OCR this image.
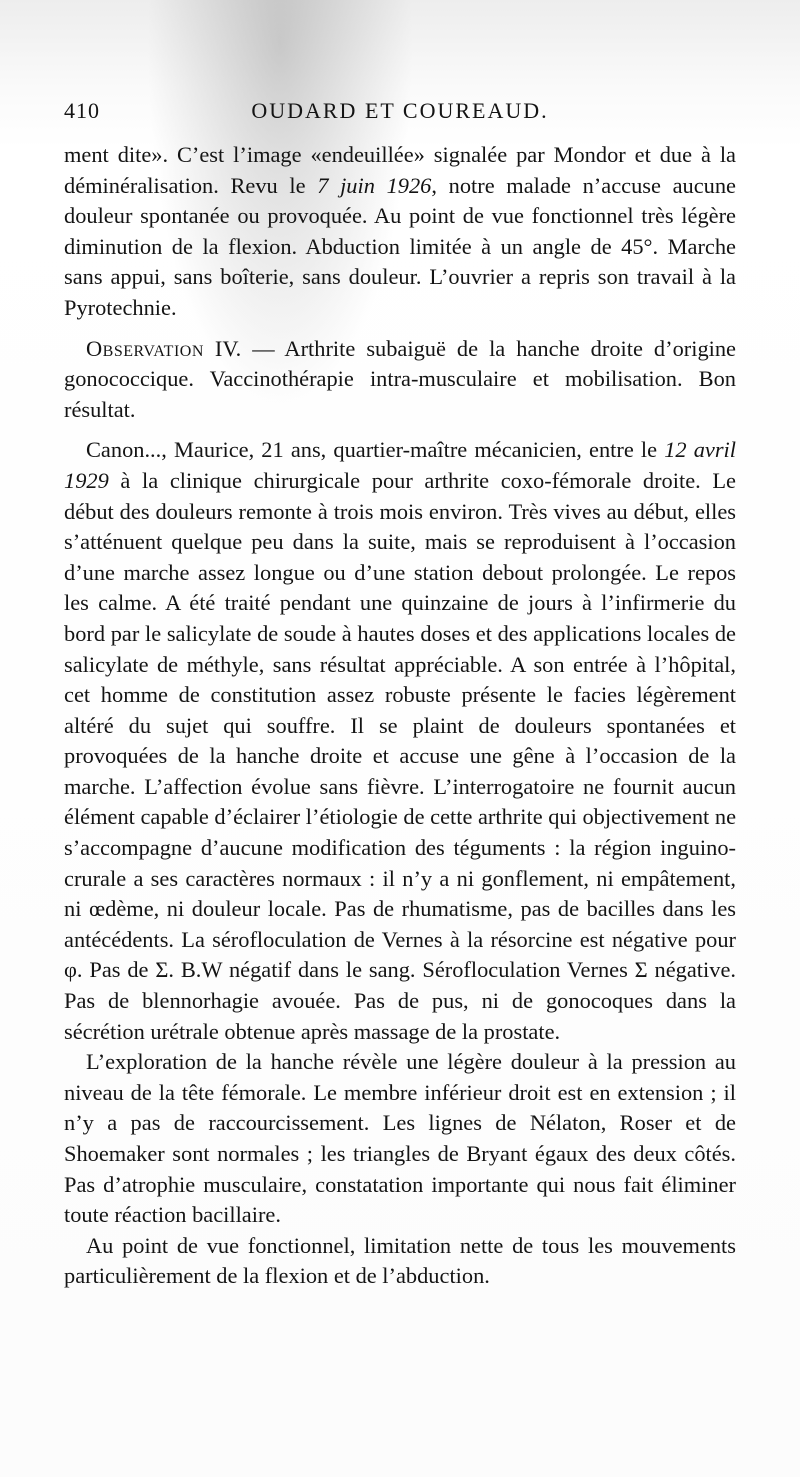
410	OUDARD ET COUREAUD.

ment dite». C’est l’image «endeuillée» signalée par Mondor et due à la déminéralisation. Revu le 7 juin 1926, notre malade n’accuse aucune douleur spontanée ou provoquée. Au point de vue fonctionnel très légère diminution de la flexion. Abduction limitée à un angle de 45°. Marche sans appui, sans boîterie, sans douleur. L’ouvrier a repris son travail à la Pyrotechnie.

Observation IV. — Arthrite subaiguë de la hanche droite d’origine gonococcique. Vaccinothérapie intra-musculaire et mobilisation. Bon résultat.

Canon..., Maurice, 21 ans, quartier-maître mécanicien, entre le 12 avril 1929 à la clinique chirurgicale pour arthrite coxo-fémorale droite. Le début des douleurs remonte à trois mois environ. Très vives au début, elles s’atténuent quelque peu dans la suite, mais se reproduisent à l’occasion d’une marche assez longue ou d’une station debout prolongée. Le repos les calme. A été traité pendant une quinzaine de jours à l’infirmerie du bord par le salicylate de soude à hautes doses et des applications locales de salicylate de méthyle, sans résultat appréciable. A son entrée à l’hôpital, cet homme de constitution assez robuste présente le facies légèrement altéré du sujet qui souffre. Il se plaint de douleurs spontanées et provoquées de la hanche droite et accuse une gêne à l’occasion de la marche. L’affection évolue sans fièvre. L’interrogatoire ne fournit aucun élément capable d’éclairer l’étiologie de cette arthrite qui objectivement ne s’accompagne d’aucune modification des téguments : la région inguino-crurale a ses caractères normaux : il n’y a ni gonflement, ni empâtement, ni œdème, ni douleur locale. Pas de rhumatisme, pas de bacilles dans les antécédents. La sérofloculation de Vernes à la résorcine est négative pour φ. Pas de Σ. B.W négatif dans le sang. Sérofloculation Vernes Σ négative. Pas de blennorhagie avouée. Pas de pus, ni de gonocoques dans la sécrétion urétrale obtenue après massage de la prostate.

L’exploration de la hanche révèle une légère douleur à la pression au niveau de la tête fémorale. Le membre inférieur droit est en extension ; il n’y a pas de raccourcissement. Les lignes de Nélaton, Roser et de Shoemaker sont normales ; les triangles de Bryant égaux des deux côtés. Pas d’atrophie musculaire, constatation importante qui nous fait éliminer toute réaction bacillaire.

Au point de vue fonctionnel, limitation nette de tous les mouvements particulièrement de la flexion et de l’abduction.
